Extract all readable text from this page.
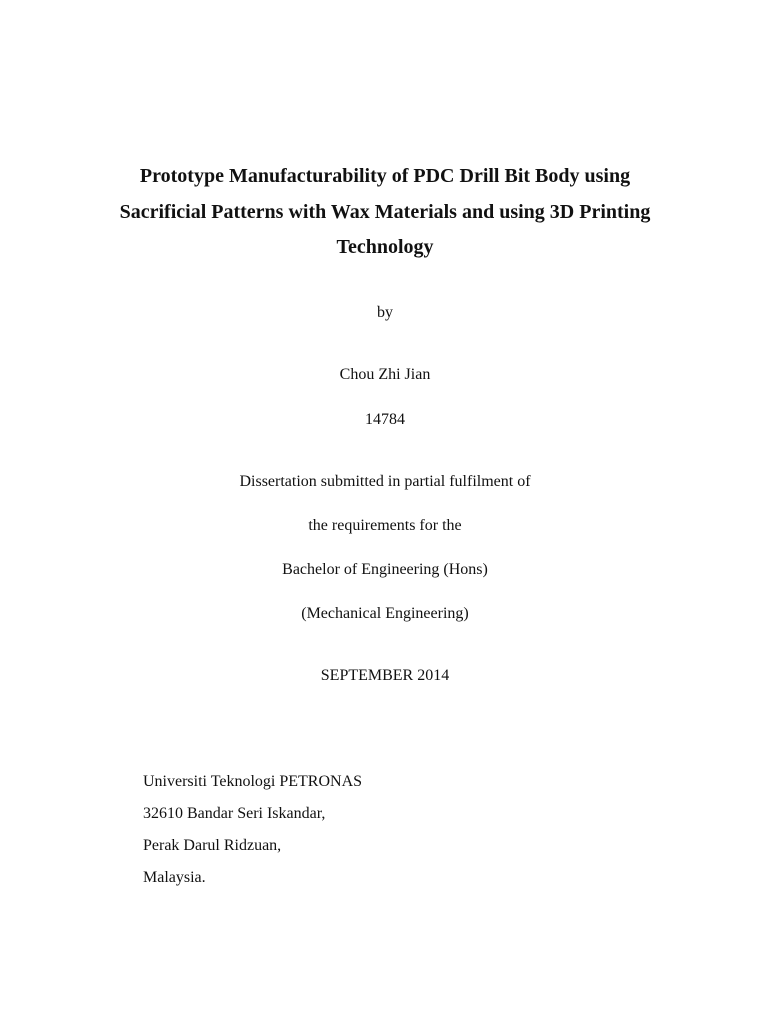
Prototype Manufacturability of PDC Drill Bit Body using
Sacrificial Patterns with Wax Materials and using 3D Printing
Technology
by
Chou Zhi Jian
14784
Dissertation submitted in partial fulfilment of
the requirements for the
Bachelor of Engineering (Hons)
(Mechanical Engineering)
SEPTEMBER 2014
Universiti Teknologi PETRONAS
32610 Bandar Seri Iskandar,
Perak Darul Ridzuan,
Malaysia.
